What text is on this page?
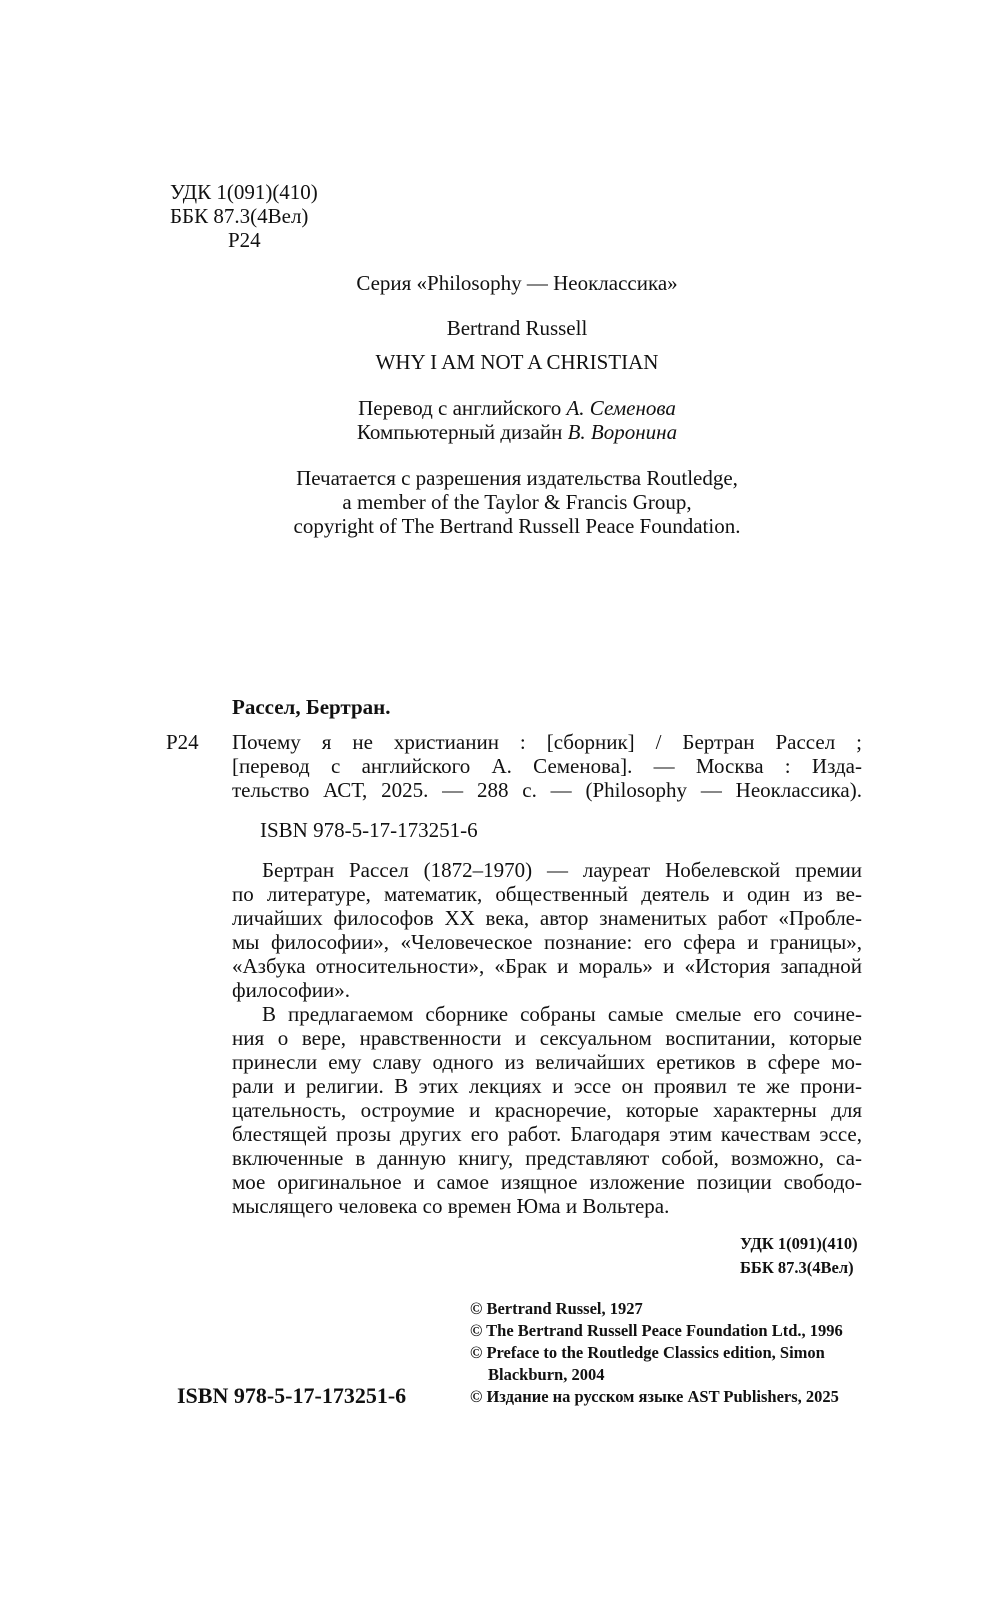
УДК 1(091)(410)
ББК 87.3(4Вел)
Р24
Серия «Philosophy — Неоклассика»
Bertrand Russell
WHY I AM NOT A CHRISTIAN
Перевод с английского А. Семенова
Компьютерный дизайн В. Воронина
Печатается с разрешения издательства Routledge,
a member of the Taylor & Francis Group,
copyright of The Bertrand Russell Peace Foundation.
Рассел, Бертран.
Р24 Почему я не христианин : [сборник] / Бертран Рассел ;
[перевод с английского А. Семенова]. — Москва : Изда-
тельство АСТ, 2025. — 288 с. — (Philosophy — Неоклассика).
ISBN 978-5-17-173251-6
Бертран Рассел (1872–1970) — лауреат Нобелевской премии
по литературе, математик, общественный деятель и один из ве-
личайших философов XX века, автор знаменитых работ «Пробле-
мы философии», «Человеческое познание: его сфера и границы»,
«Азбука относительности», «Брак и мораль» и «История западной
философии».
В предлагаемом сборнике собраны самые смелые его сочине-
ния о вере, нравственности и сексуальном воспитании, которые
принесли ему славу одного из величайших еретиков в сфере мо-
рали и религии. В этих лекциях и эссе он проявил те же прони-
цательность, остроумие и красноречие, которые характерны для
блестящей прозы других его работ. Благодаря этим качествам эссе,
включенные в данную книгу, представляют собой, возможно, са-
мое оригинальное и самое изящное изложение позиции свободо-
мыслящего человека со времен Юма и Вольтера.
УДК 1(091)(410)
ББК 87.3(4Вел)
© Bertrand Russel, 1927
© The Bertrand Russell Peace Foundation Ltd., 1996
© Preface to the Routledge Classics edition, Simon
Blackburn, 2004
© Издание на русском языке AST Publishers, 2025
ISBN 978-5-17-173251-6
